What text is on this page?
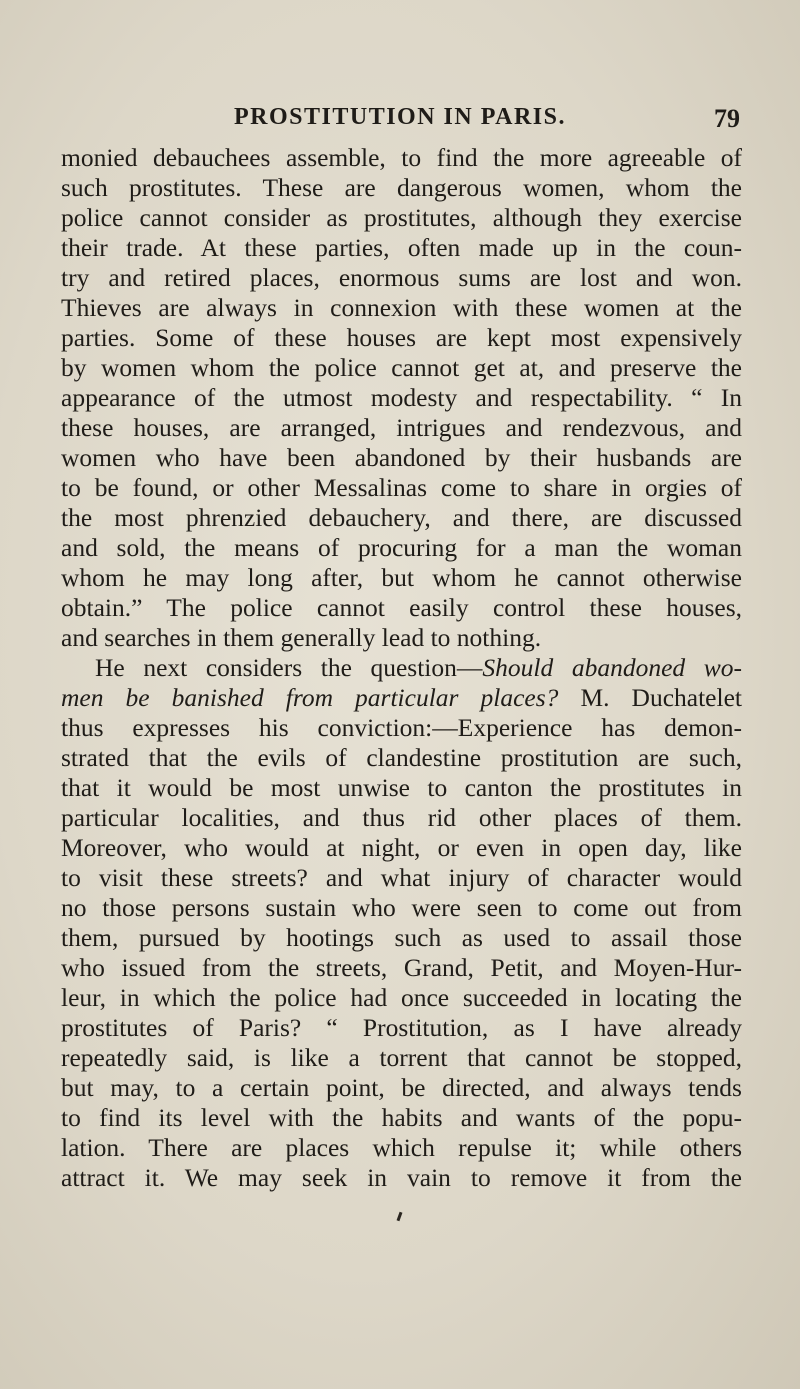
PROSTITUTION IN PARIS.	79
monied debauchees assemble, to find the more agreeable of
such prostitutes. These are dangerous women, whom the
police cannot consider as prostitutes, although they exercise
their trade. At these parties, often made up in the coun-
try and retired places, enormous sums are lost and won.
Thieves are always in connexion with these women at the
parties. Some of these houses are kept most expensively
by women whom the police cannot get at, and preserve the
appearance of the utmost modesty and respectability. “ In
these houses, are arranged, intrigues and rendezvous, and
women who have been abandoned by their husbands are
to be found, or other Messalinas come to share in orgies of
the most phrenzied debauchery, and there, are discussed
and sold, the means of procuring for a man the woman
whom he may long after, but whom he cannot otherwise
obtain.” The police cannot easily control these houses,
and searches in them generally lead to nothing.
He next considers the question—Should abandoned wo-
men be banished from particular places? M. Duchatelet
thus expresses his conviction:—Experience has demon-
strated that the evils of clandestine prostitution are such,
that it would be most unwise to canton the prostitutes in
particular localities, and thus rid other places of them.
Moreover, who would at night, or even in open day, like
to visit these streets? and what injury of character would
no those persons sustain who were seen to come out from
them, pursued by hootings such as used to assail those
who issued from the streets, Grand, Petit, and Moyen-Hur-
leur, in which the police had once succeeded in locating the
prostitutes of Paris? “ Prostitution, as I have already
repeatedly said, is like a torrent that cannot be stopped,
but may, to a certain point, be directed, and always tends
to find its level with the habits and wants of the popu-
lation. There are places which repulse it; while others
attract it. We may seek in vain to remove it from the
